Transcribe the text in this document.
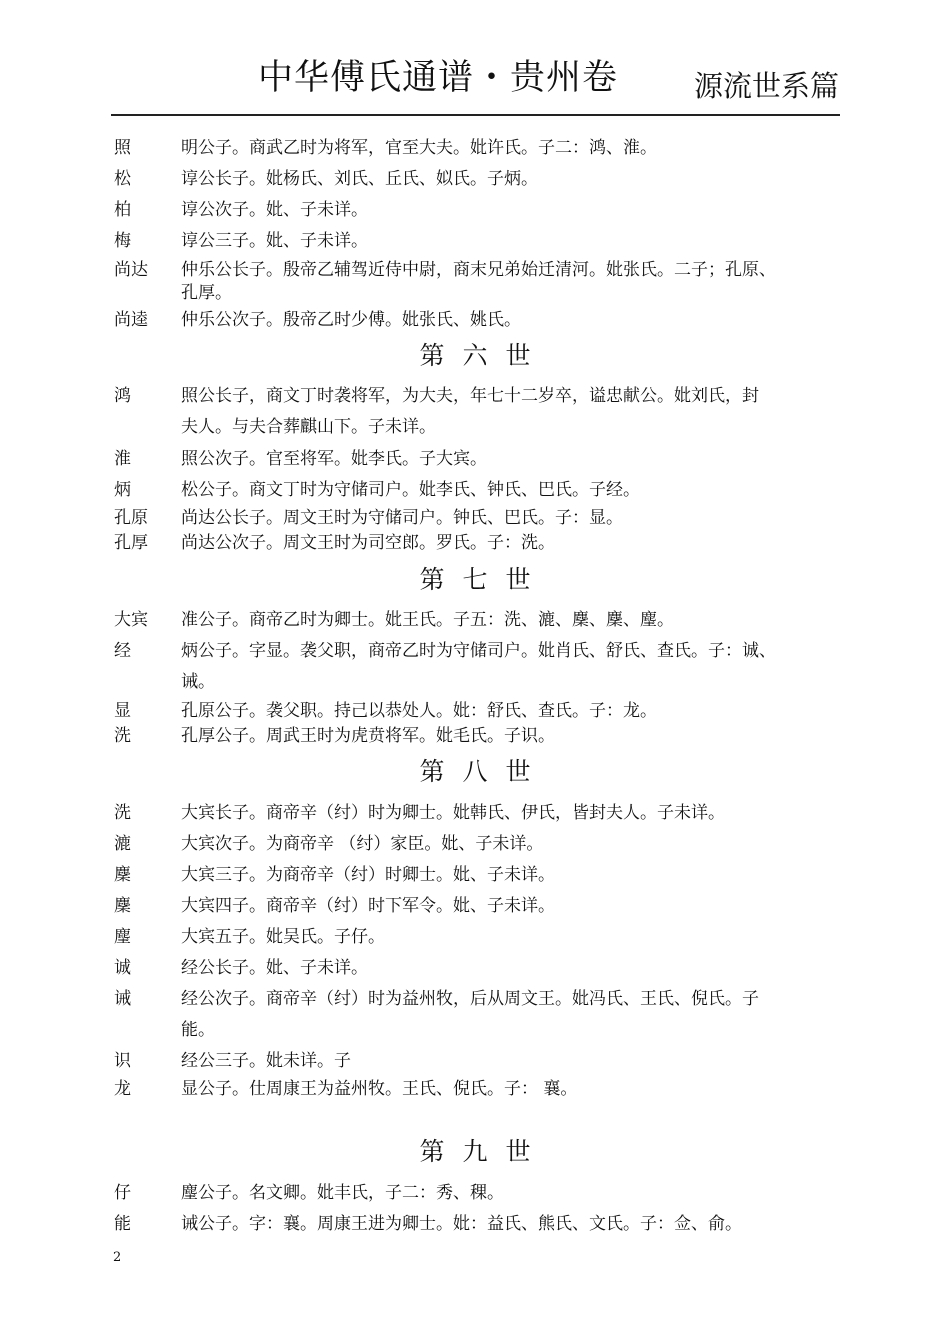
中华傅氏通谱・贵州卷	源流世系篇
照	明公子。商武乙时为将军，官至大夫。妣许氏。子二：鸿、淮。
松	谆公长子。妣杨氏、刘氏、丘氏、姒氏。子炳。
柏	谆公次子。妣、子未详。
梅	谆公三子。妣、子未详。
尚达 仲乐公长子。殷帝乙辅驾近侍中尉，商末兄弟始迁清河。妣张氏。二子；孔原、
孔厚。
尚逵 仲乐公次子。殷帝乙时少傅。妣张氏、姚氏。
第六世
鸿	照公长子，商文丁时袭将军，为大夫，年七十二岁卒，谥忠献公。妣刘氏，封
夫人。与夫合葬麒山下。子未详。
淮	照公次子。官至将军。妣李氏。子大宾。
炳	松公子。商文丁时为守储司户。妣李氏、钟氏、巴氏。子经。
孔原 尚达公长子。周文王时为守储司户。钟氏、巴氏。子：显。
孔厚 尚达公次子。周文王时为司空郎。罗氏。子：洗。
第七世
大宾 准公子。商帝乙时为卿士。妣王氏。子五：洗、漉、麇、麇、麈。
经	炳公子。字显。袭父职，商帝乙时为守储司户。妣肖氏、舒氏、查氏。子：诚、
诫。
显	孔原公子。袭父职。持己以恭处人。妣：舒氏、查氏。子：龙。
洗	孔厚公子。周武王时为虎贲将军。妣毛氏。子识。
第八世
洗	大宾长子。商帝辛（纣）时为卿士。妣韩氏、伊氏，皆封夫人。子未详。
漉	大宾次子。为商帝辛 （纣）家臣。妣、子未详。
麇	大宾三子。为商帝辛（纣）时卿士。妣、子未详。
麇	大宾四子。商帝辛（纣）时下军令。妣、子未详。
麈	大宾五子。妣吴氏。子仔。
诚	经公长子。妣、子未详。
诫	经公次子。商帝辛（纣）时为益州牧，后从周文王。妣冯氏、王氏、倪氏。子
能。
识	经公三子。妣未详。子
龙	显公子。仕周康王为益州牧。王氏、倪氏。子： 襄。
第九世
仔	麈公子。名文卿。妣丰氏，子二：秀、稞。
能	诫公子。字：襄。周康王进为卿士。妣：益氏、熊氏、文氏。子：佥、俞。
2
